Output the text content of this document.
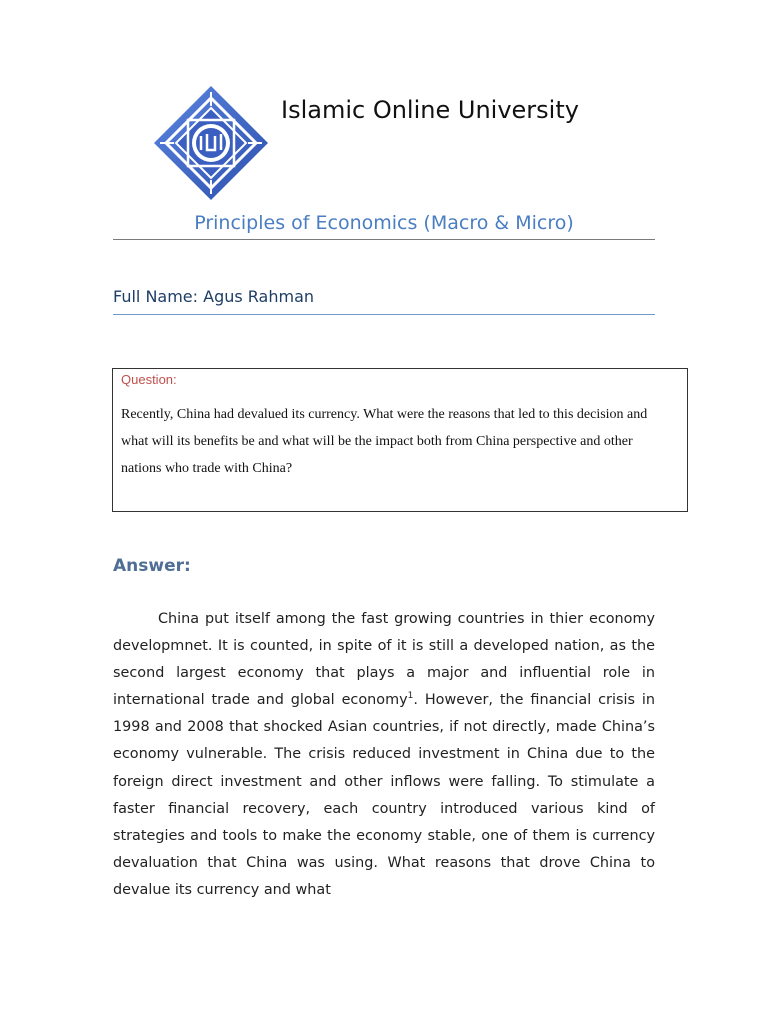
Islamic Online University
Principles of Economics (Macro & Micro)
Full Name: Agus Rahman
Question:
Recently, China had devalued its currency. What were the reasons that led to this decision and what will its benefits be and what will be the impact both from China perspective and other nations who trade with China?
Answer:

China put itself among the fast growing countries in thier economy developmnet. It is counted, in spite of it is still a developed nation, as the second largest economy that plays a major and influential role in international trade and global economy$^1$. However, the financial crisis in 1998 and 2008 that shocked Asian countries, if not directly, made China’s economy vulnerable. The crisis reduced investment in China due to the foreign direct investment and other inflows were falling. To stimulate a faster financial recovery, each country introduced various kind of strategies and tools to make the economy stable, one of them is currency devaluation that China was using. What reasons that drove China to devalue its currency and what
